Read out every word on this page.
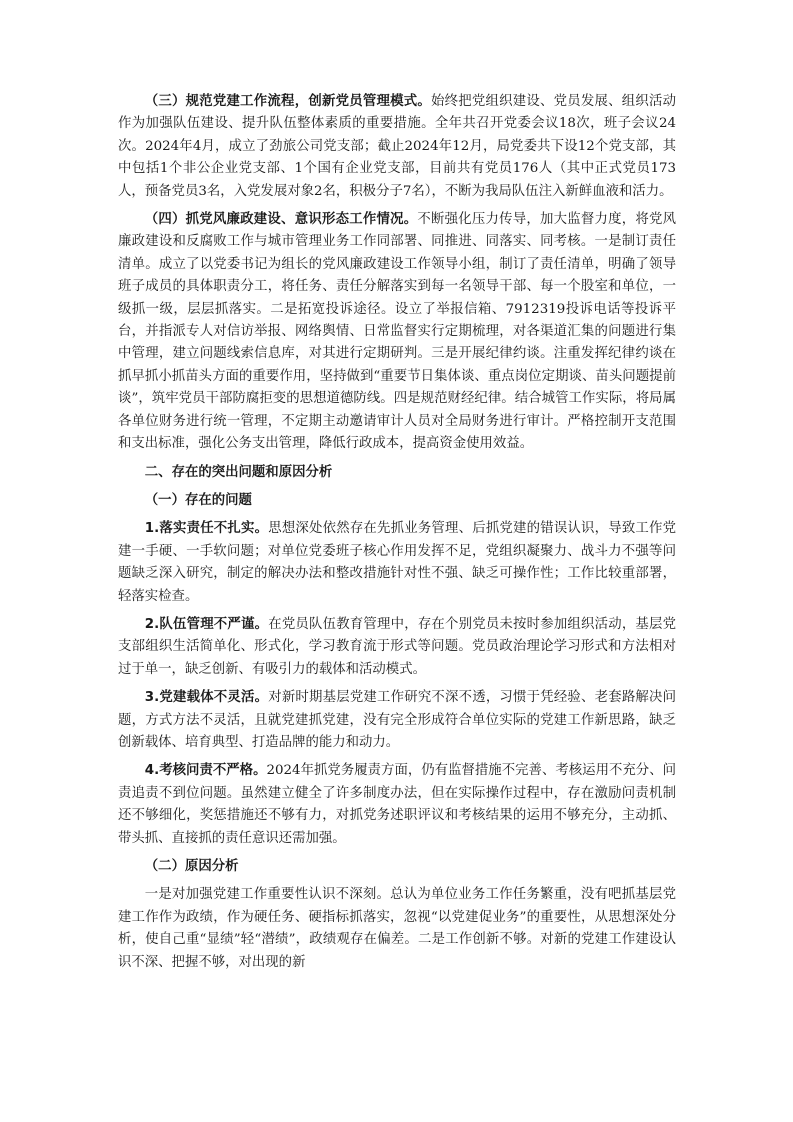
（三）规范党建工作流程，创新党员管理模式。始终把党组织建设、党员发展、组织活动作为加强队伍建设、提升队伍整体素质的重要措施。全年共召开党委会议18次，班子会议24次。2024年4月，成立了劲旅公司党支部；截止2024年12月，局党委共下设12个党支部，其中包括1个非公企业党支部、1个国有企业党支部，目前共有党员176人（其中正式党员173人，预备党员3名，入党发展对象2名，积极分子7名），不断为我局队伍注入新鲜血液和活力。

（四）抓党风廉政建设、意识形态工作情况。不断强化压力传导，加大监督力度，将党风廉政建设和反腐败工作与城市管理业务工作同部署、同推进、同落实、同考核。一是制订责任清单。成立了以党委书记为组长的党风廉政建设工作领导小组，制订了责任清单，明确了领导班子成员的具体职责分工，将任务、责任分解落实到每一名领导干部、每一个股室和单位，一级抓一级，层层抓落实。二是拓宽投诉途径。设立了举报信箱、7912319投诉电话等投诉平台，并指派专人对信访举报、网络舆情、日常监督实行定期梳理，对各渠道汇集的问题进行集中管理，建立问题线索信息库，对其进行定期研判。三是开展纪律约谈。注重发挥纪律约谈在抓早抓小抓苗头方面的重要作用，坚持做到“重要节日集体谈、重点岗位定期谈、苗头问题提前谈”，筑牢党员干部防腐拒变的思想道德防线。四是规范财经纪律。结合城管工作实际，将局属各单位财务进行统一管理，不定期主动邀请审计人员对全局财务进行审计。严格控制开支范围和支出标准，强化公务支出管理，降低行政成本，提高资金使用效益。

二、存在的突出问题和原因分析

（一）存在的问题

1.落实责任不扎实。思想深处依然存在先抓业务管理、后抓党建的错误认识，导致工作党建一手硬、一手软问题；对单位党委班子核心作用发挥不足，党组织凝聚力、战斗力不强等问题缺乏深入研究，制定的解决办法和整改措施针对性不强、缺乏可操作性；工作比较重部署，轻落实检查。

2.队伍管理不严谨。在党员队伍教育管理中，存在个别党员未按时参加组织活动，基层党支部组织生活简单化、形式化，学习教育流于形式等问题。党员政治理论学习形式和方法相对过于单一，缺乏创新、有吸引力的载体和活动模式。

3.党建载体不灵活。对新时期基层党建工作研究不深不透，习惯于凭经验、老套路解决问题，方式方法不灵活，且就党建抓党建，没有完全形成符合单位实际的党建工作新思路，缺乏创新载体、培育典型、打造品牌的能力和动力。

4.考核问责不严格。2024年抓党务履责方面，仍有监督措施不完善、考核运用不充分、问责追责不到位问题。虽然建立健全了许多制度办法，但在实际操作过程中，存在激励问责机制还不够细化，奖惩措施还不够有力，对抓党务述职评议和考核结果的运用不够充分，主动抓、带头抓、直接抓的责任意识还需加强。

（二）原因分析

一是对加强党建工作重要性认识不深刻。总认为单位业务工作任务繁重，没有吧抓基层党建工作作为政绩，作为硬任务、硬指标抓落实，忽视“以党建促业务”的重要性，从思想深处分析，使自己重“显绩”轻“潜绩”，政绩观存在偏差。二是工作创新不够。对新的党建工作建设认识不深、把握不够，对出现的新
